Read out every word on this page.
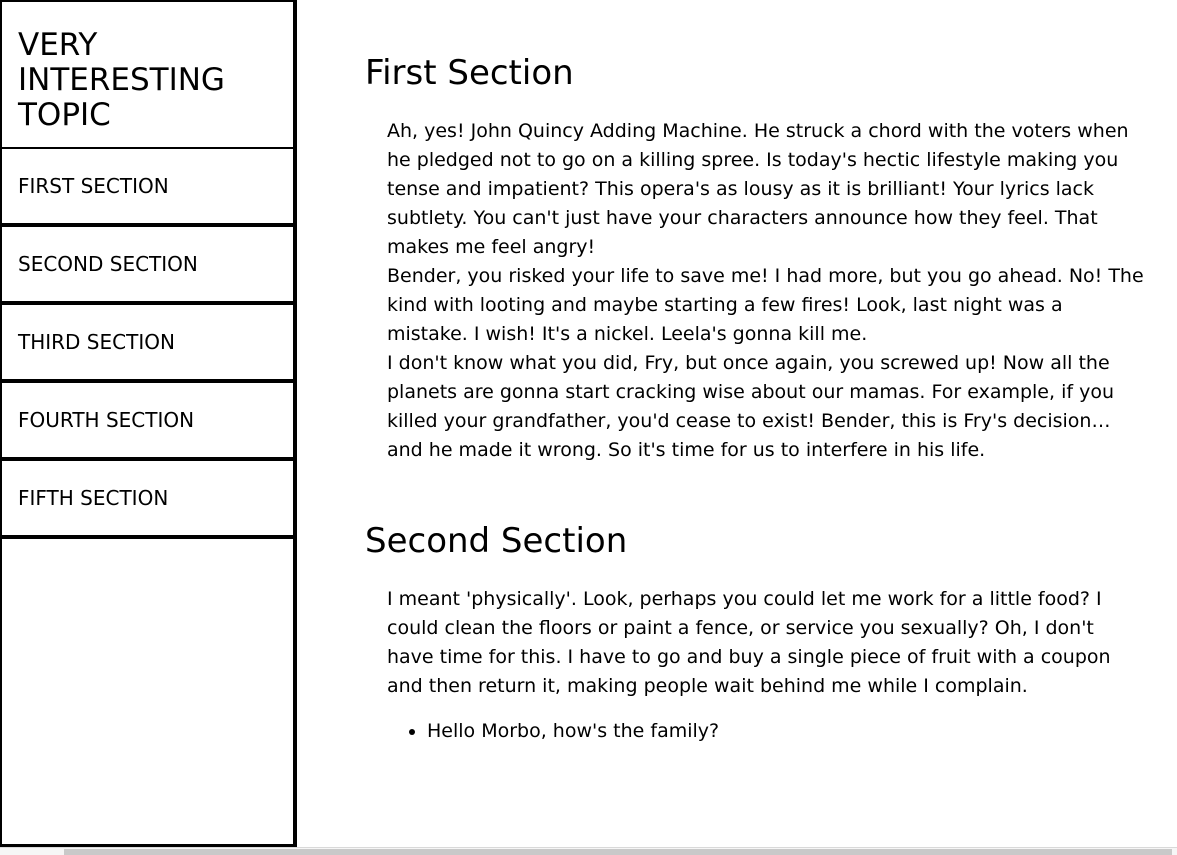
VERY INTERESTING TOPIC
FIRST SECTION
SECOND SECTION
THIRD SECTION
FOURTH SECTION
FIFTH SECTION
First Section

Ah, yes! John Quincy Adding Machine. He struck a chord with the voters when he pledged not to go on a killing spree. Is today's hectic lifestyle making you tense and impatient? This opera's as lousy as it is brilliant! Your lyrics lack subtlety. You can't just have your characters announce how they feel. That makes me feel angry!

Bender, you risked your life to save me! I had more, but you go ahead. No! The kind with looting and maybe starting a few fires! Look, last night was a mistake. I wish! It's a nickel. Leela's gonna kill me.

I don't know what you did, Fry, but once again, you screwed up! Now all the planets are gonna start cracking wise about our mamas. For example, if you killed your grandfather, you'd cease to exist! Bender, this is Fry's decision… and he made it wrong. So it's time for us to interfere in his life.

Second Section

I meant 'physically'. Look, perhaps you could let me work for a little food? I could clean the floors or paint a fence, or service you sexually? Oh, I don't have time for this. I have to go and buy a single piece of fruit with a coupon and then return it, making people wait behind me while I complain.

• Hello Morbo, how's the family?
